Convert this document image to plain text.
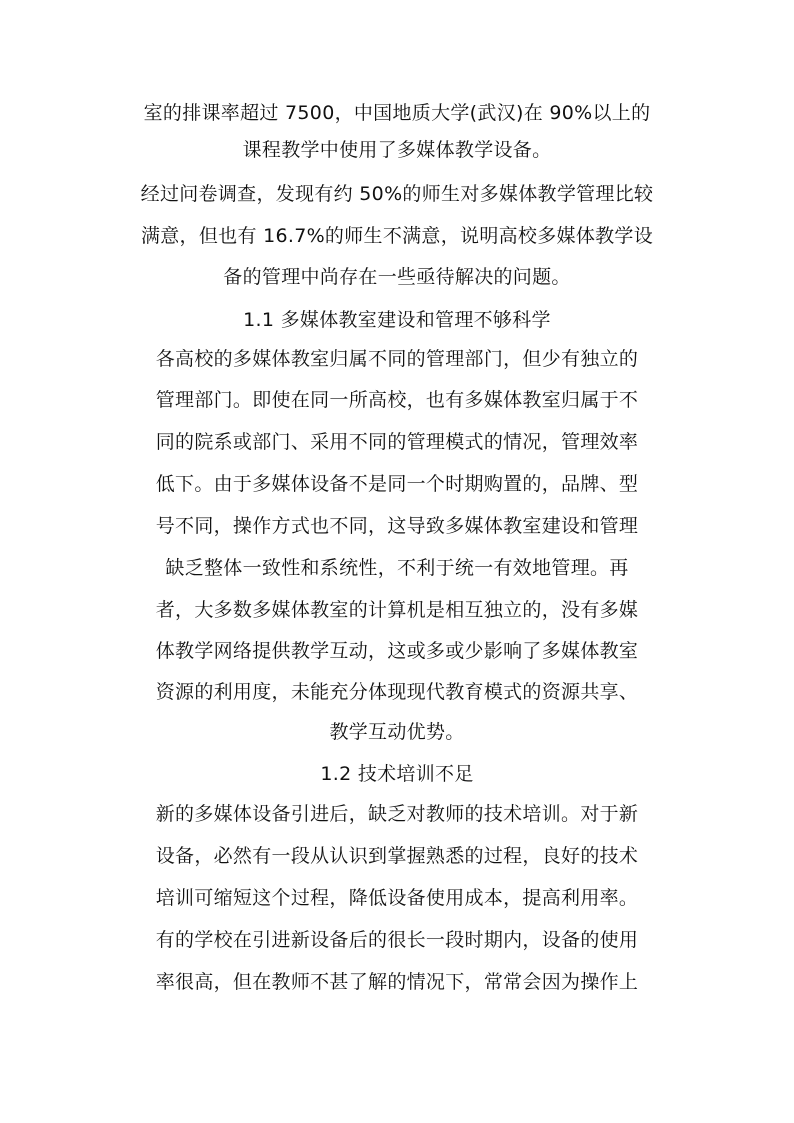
室的排课率超过 7500，中国地质大学(武汉)在 90%以上的
课程教学中使用了多媒体教学设备。
经过问卷调查，发现有约 50%的师生对多媒体教学管理比较
满意，但也有 16.7%的师生不满意，说明高校多媒体教学设
备的管理中尚存在一些亟待解决的问题。
1.1 多媒体教室建设和管理不够科学
各高校的多媒体教室归属不同的管理部门，但少有独立的
管理部门。即使在同一所高校，也有多媒体教室归属于不
同的院系或部门、采用不同的管理模式的情况，管理效率
低下。由于多媒体设备不是同一个时期购置的，品牌、型
号不同，操作方式也不同，这导致多媒体教室建设和管理
缺乏整体一致性和系统性，不利于统一有效地管理。再
者，大多数多媒体教室的计算机是相互独立的，没有多媒
体教学网络提供教学互动，这或多或少影响了多媒体教室
资源的利用度，未能充分体现现代教育模式的资源共享、
教学互动优势。
1.2 技术培训不足
新的多媒体设备引进后，缺乏对教师的技术培训。对于新
设备，必然有一段从认识到掌握熟悉的过程，良好的技术
培训可缩短这个过程，降低设备使用成本，提高利用率。
有的学校在引进新设备后的很长一段时期内，设备的使用
率很高，但在教师不甚了解的情况下，常常会因为操作上
